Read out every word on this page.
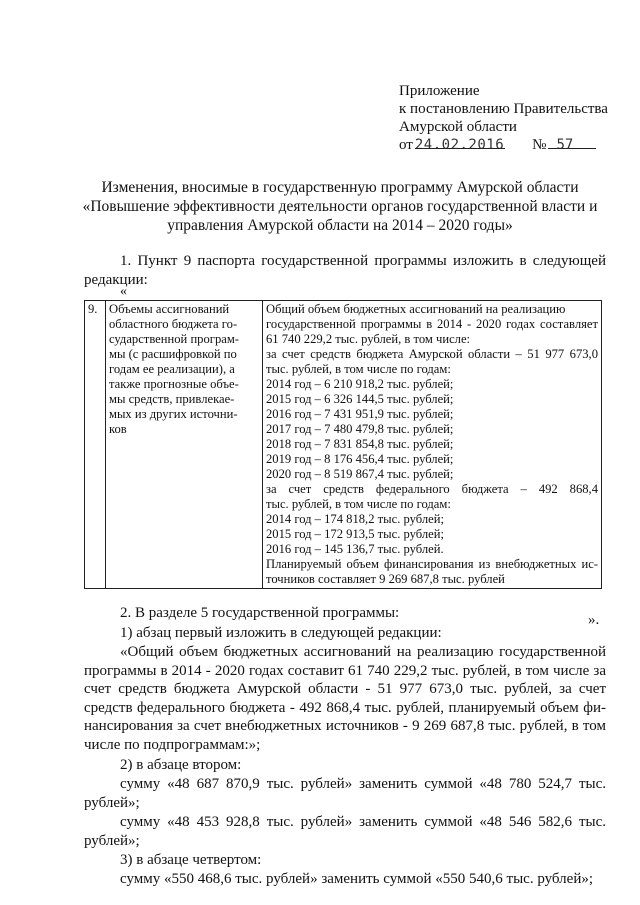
Приложение
к постановлению Правительства
Амурской области
от 24.02.2016 № 57
Изменения, вносимые в государственную программу Амурской области
«Повышение эффективности деятельности органов государственной власти и
управления Амурской области на 2014 – 2020 годы»
1. Пункт 9 паспорта государственной программы изложить в следующей
редакции:
«
9.	Объемы ассигнований
областного бюджета го-
сударственной програм-
мы (с расшифровкой по
годам ее реализации), а
также прогнозные объе-
мы средств, привлекае-
мых из других источни-
ков

Общий объем бюджетных ассигнований на реализацию
государственной программы в 2014 - 2020 годах составляет
61 740 229,2 тыс. рублей, в том числе:
за счет средств бюджета Амурской области – 51 977 673,0
тыс. рублей, в том числе по годам:
2014 год – 6 210 918,2 тыс. рублей;
2015 год – 6 326 144,5 тыс. рублей;
2016 год – 7 431 951,9 тыс. рублей;
2017 год – 7 480 479,8 тыс. рублей;
2018 год – 7 831 854,8 тыс. рублей;
2019 год – 8 176 456,4 тыс. рублей;
2020 год – 8 519 867,4 тыс. рублей;
за счет средств федерального бюджета – 492 868,4
тыс. рублей, в том числе по годам:
2014 год – 174 818,2 тыс. рублей;
2015 год – 172 913,5 тыс. рублей;
2016 год – 145 136,7 тыс. рублей.
Планируемый объем финансирования из внебюджетных ис-
точников составляет 9 269 687,8 тыс. рублей
».
2. В разделе 5 государственной программы:
1) абзац первый изложить в следующей редакции:
«Общий объем бюджетных ассигнований на реализацию государственной
программы в 2014 - 2020 годах составит 61 740 229,2 тыс. рублей, в том числе за
счет средств бюджета Амурской области - 51 977 673,0 тыс. рублей, за счет
средств федерального бюджета - 492 868,4 тыс. рублей, планируемый объем фи-
нансирования за счет внебюджетных источников - 9 269 687,8 тыс. рублей, в том
числе по подпрограммам:»;
2) в абзаце втором:
сумму «48 687 870,9 тыс. рублей» заменить суммой «48 780 524,7 тыс.
рублей»;
сумму «48 453 928,8 тыс. рублей» заменить суммой «48 546 582,6 тыс.
рублей»;
3) в абзаце четвертом:
сумму «550 468,6 тыс. рублей» заменить суммой «550 540,6 тыс. рублей»;
